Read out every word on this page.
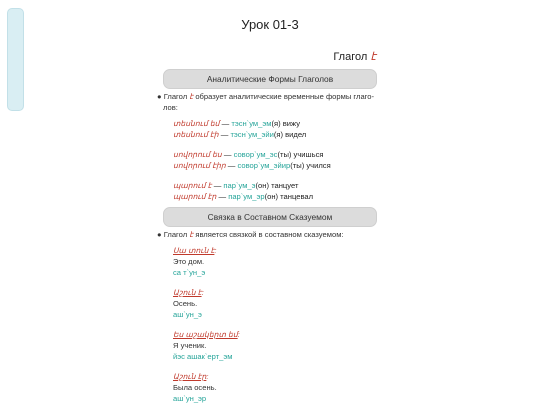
Урок 01-3
Глагол է
Аналитические Формы Глаголов
● Глагол է образует аналитические временные формы глаго-
лов:
տեսնում եմ — тэсн`ум_эм(я) вижу
տեսնում էի — тэсн`ум_эйи(я) видел
սովորում ես — совор`ум_эс(ты) учишься
սովորում էիր — совор`ум_эйир(ты) учился
պարում է — пар`ум_э(он) танцует
պարում էր — пар`ум_эр(он) танцевал
Связка в Составном Сказуемом
● Глагол է является связкой в составном сказуемом:
Սա տուն է:
Это дом.
са т`ун_э
Աշուն է:
Осень.
аш`ун_э
Ես աշակերտ եմ:
Я ученик.
йэс ашак`ерт_эм
Աշուն էր:
Была осень.
аш`ун_эр
